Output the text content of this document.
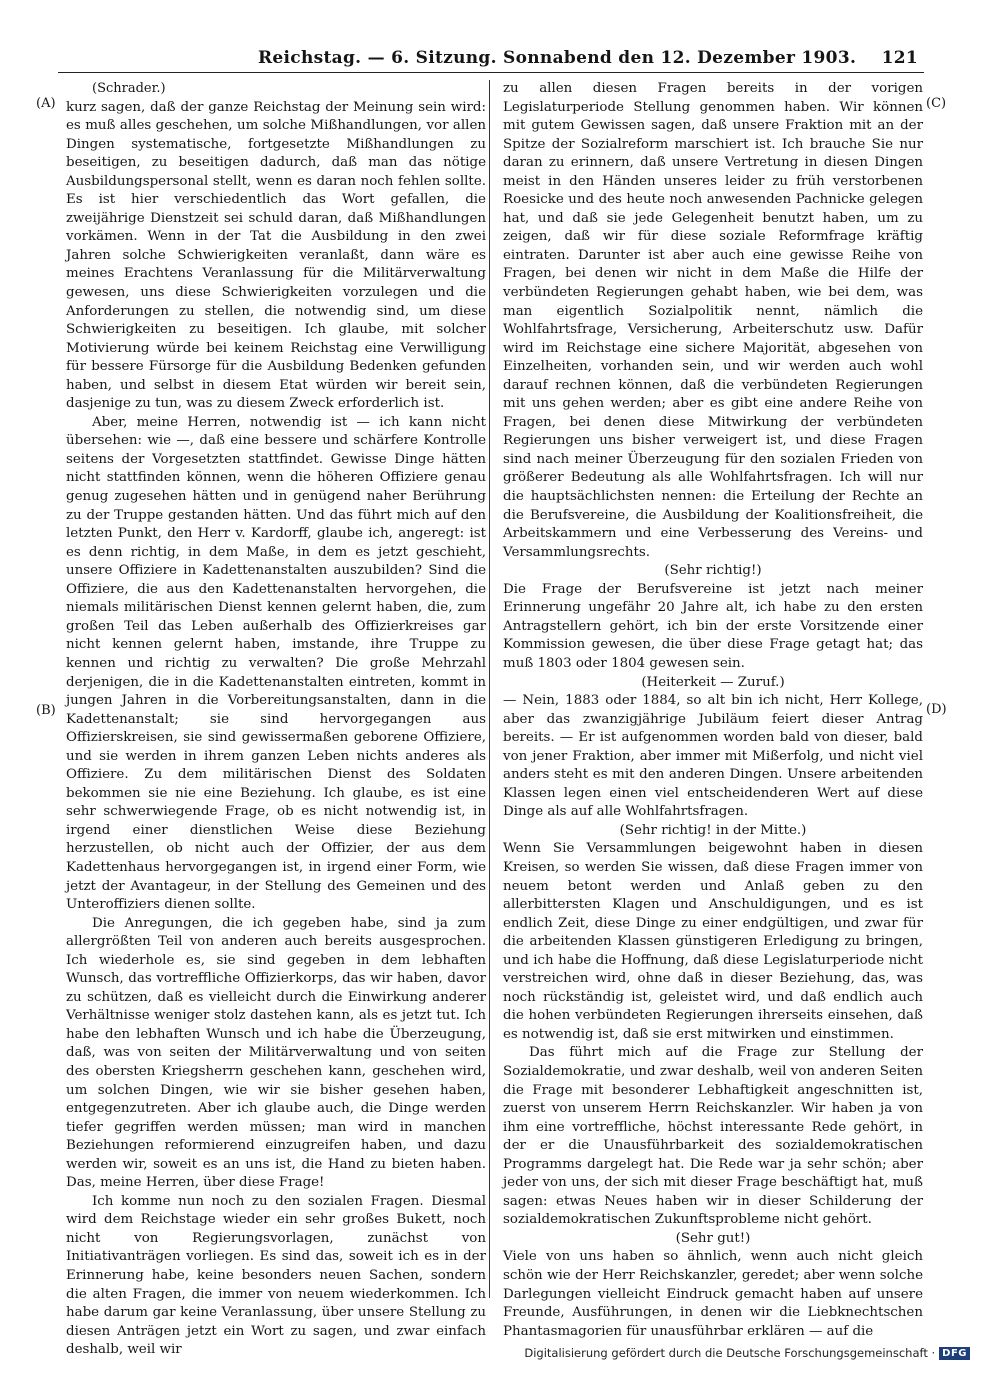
Reichstag. — 6. Sitzung. Sonnabend den 12. Dezember 1903. 121
(A)
(B)
(C)
(D)

(Schrader.)

kurz sagen, daß der ganze Reichstag der Meinung sein wird: es muß alles geschehen, um solche Mißhandlungen, vor allen Dingen systematische, fortgesetzte Mißhandlungen zu beseitigen, zu beseitigen dadurch, daß man das nötige Ausbildungspersonal stellt, wenn es daran noch fehlen sollte. Es ist hier verschiedentlich das Wort gefallen, die zweijährige Dienstzeit sei schuld daran, daß Mißhandlungen vorkämen. Wenn in der Tat die Ausbildung in den zwei Jahren solche Schwierigkeiten veranlaßt, dann wäre es meines Erachtens Veranlassung für die Militärverwaltung gewesen, uns diese Schwierigkeiten vorzulegen und die Anforderungen zu stellen, die notwendig sind, um diese Schwierigkeiten zu beseitigen. Ich glaube, mit solcher Motivierung würde bei keinem Reichstag eine Verwilligung für bessere Fürsorge für die Ausbildung Bedenken gefunden haben, und selbst in diesem Etat würden wir bereit sein, dasjenige zu tun, was zu diesem Zweck erforderlich ist.

Aber, meine Herren, notwendig ist — ich kann nicht übersehen: wie —, daß eine bessere und schärfere Kontrolle seitens der Vorgesetzten stattfindet. Gewisse Dinge hätten nicht stattfinden können, wenn die höheren Offiziere genau genug zugesehen hätten und in genügend naher Berührung zu der Truppe gestanden hätten. Und das führt mich auf den letzten Punkt, den Herr v. Kardorff, glaube ich, angeregt: ist es denn richtig, in dem Maße, in dem es jetzt geschieht, unsere Offiziere in Kadettenanstalten auszubilden? Sind die Offiziere, die aus den Kadettenanstalten hervorgehen, die niemals militärischen Dienst kennen gelernt haben, die, zum großen Teil das Leben außerhalb des Offizierkreises gar nicht kennen gelernt haben, imstande, ihre Truppe zu kennen und richtig zu verwalten? Die große Mehrzahl derjenigen, die in die Kadettenanstalten eintreten, kommt in jungen Jahren in die Vorbereitungsanstalten, dann in die Kadettenanstalt; sie sind hervorgegangen aus Offizierskreisen, sie sind gewissermaßen geborene Offiziere, und sie werden in ihrem ganzen Leben nichts anderes als Offiziere. Zu dem militärischen Dienst des Soldaten bekommen sie nie eine Beziehung. Ich glaube, es ist eine sehr schwerwiegende Frage, ob es nicht notwendig ist, in irgend einer dienstlichen Weise diese Beziehung herzustellen, ob nicht auch der Offizier, der aus dem Kadettenhaus hervorgegangen ist, in irgend einer Form, wie jetzt der Avantageur, in der Stellung des Gemeinen und des Unteroffiziers dienen sollte.

Die Anregungen, die ich gegeben habe, sind ja zum allergrößten Teil von anderen auch bereits ausgesprochen. Ich wiederhole es, sie sind gegeben in dem lebhaften Wunsch, das vortreffliche Offizierkorps, das wir haben, davor zu schützen, daß es vielleicht durch die Einwirkung anderer Verhältnisse weniger stolz dastehen kann, als es jetzt tut. Ich habe den lebhaften Wunsch und ich habe die Überzeugung, daß, was von seiten der Militärverwaltung und von seiten des obersten Kriegsherrn geschehen kann, geschehen wird, um solchen Dingen, wie wir sie bisher gesehen haben, entgegenzutreten. Aber ich glaube auch, die Dinge werden tiefer gegriffen werden müssen; man wird in manchen Beziehungen reformierend einzugreifen haben, und dazu werden wir, soweit es an uns ist, die Hand zu bieten haben. Das, meine Herren, über diese Frage!

Ich komme nun noch zu den sozialen Fragen. Diesmal wird dem Reichstage wieder ein sehr großes Bukett, noch nicht von Regierungsvorlagen, zunächst von Initiativanträgen vorliegen. Es sind das, soweit ich es in der Erinnerung habe, keine besonders neuen Sachen, sondern die alten Fragen, die immer von neuem wiederkommen. Ich habe darum gar keine Veranlassung, über unsere Stellung zu diesen Anträgen jetzt ein Wort zu sagen, und zwar einfach deshalb, weil wir

zu allen diesen Fragen bereits in der vorigen Legislaturperiode Stellung genommen haben. Wir können mit gutem Gewissen sagen, daß unsere Fraktion mit an der Spitze der Sozialreform marschiert ist. Ich brauche Sie nur daran zu erinnern, daß unsere Vertretung in diesen Dingen meist in den Händen unseres leider zu früh verstorbenen Roesicke und des heute noch anwesenden Pachnicke gelegen hat, und daß sie jede Gelegenheit benutzt haben, um zu zeigen, daß wir für diese soziale Reformfrage kräftig eintraten. Darunter ist aber auch eine gewisse Reihe von Fragen, bei denen wir nicht in dem Maße die Hilfe der verbündeten Regierungen gehabt haben, wie bei dem, was man eigentlich Sozialpolitik nennt, nämlich die Wohlfahrtsfrage, Versicherung, Arbeiterschutz usw. Dafür wird im Reichstage eine sichere Majorität, abgesehen von Einzelheiten, vorhanden sein, und wir werden auch wohl darauf rechnen können, daß die verbündeten Regierungen mit uns gehen werden; aber es gibt eine andere Reihe von Fragen, bei denen diese Mitwirkung der verbündeten Regierungen uns bisher verweigert ist, und diese Fragen sind nach meiner Überzeugung für den sozialen Frieden von größerer Bedeutung als alle Wohlfahrtsfragen. Ich will nur die hauptsächlichsten nennen: die Erteilung der Rechte an die Berufsvereine, die Ausbildung der Koalitionsfreiheit, die Arbeitskammern und eine Verbesserung des Vereins- und Versammlungsrechts.

(Sehr richtig!)

Die Frage der Berufsvereine ist jetzt nach meiner Erinnerung ungefähr 20 Jahre alt, ich habe zu den ersten Antragstellern gehört, ich bin der erste Vorsitzende einer Kommission gewesen, die über diese Frage getagt hat; das muß 1803 oder 1804 gewesen sein.

(Heiterkeit — Zuruf.)

— Nein, 1883 oder 1884, so alt bin ich nicht, Herr Kollege, aber das zwanzigjährige Jubiläum feiert dieser Antrag bereits. — Er ist aufgenommen worden bald von dieser, bald von jener Fraktion, aber immer mit Mißerfolg, und nicht viel anders steht es mit den anderen Dingen. Unsere arbeitenden Klassen legen einen viel entscheidenderen Wert auf diese Dinge als auf alle Wohlfahrtsfragen.

(Sehr richtig! in der Mitte.)

Wenn Sie Versammlungen beigewohnt haben in diesen Kreisen, so werden Sie wissen, daß diese Fragen immer von neuem betont werden und Anlaß geben zu den allerbittersten Klagen und Anschuldigungen, und es ist endlich Zeit, diese Dinge zu einer endgültigen, und zwar für die arbeitenden Klassen günstigeren Erledigung zu bringen, und ich habe die Hoffnung, daß diese Legislaturperiode nicht verstreichen wird, ohne daß in dieser Beziehung, das, was noch rückständig ist, geleistet wird, und daß endlich auch die hohen verbündeten Regierungen ihrerseits einsehen, daß es notwendig ist, daß sie erst mitwirken und einstimmen.

Das führt mich auf die Frage zur Stellung der Sozialdemokratie, und zwar deshalb, weil von anderen Seiten die Frage mit besonderer Lebhaftigkeit angeschnitten ist, zuerst von unserem Herrn Reichskanzler. Wir haben ja von ihm eine vortreffliche, höchst interessante Rede gehört, in der er die Unausführbarkeit des sozialdemokratischen Programms dargelegt hat. Die Rede war ja sehr schön; aber jeder von uns, der sich mit dieser Frage beschäftigt hat, muß sagen: etwas Neues haben wir in dieser Schilderung der sozialdemokratischen Zukunftsprobleme nicht gehört.

(Sehr gut!)

Viele von uns haben so ähnlich, wenn auch nicht gleich schön wie der Herr Reichskanzler, geredet; aber wenn solche Darlegungen vielleicht Eindruck gemacht haben auf unsere Freunde, Ausführungen, in denen wir die Liebknechtschen Phantasmagorien für unausführbar erklären — auf die

Digitalisierung gefördert durch die Deutsche Forschungsgemeinschaft · DFG
